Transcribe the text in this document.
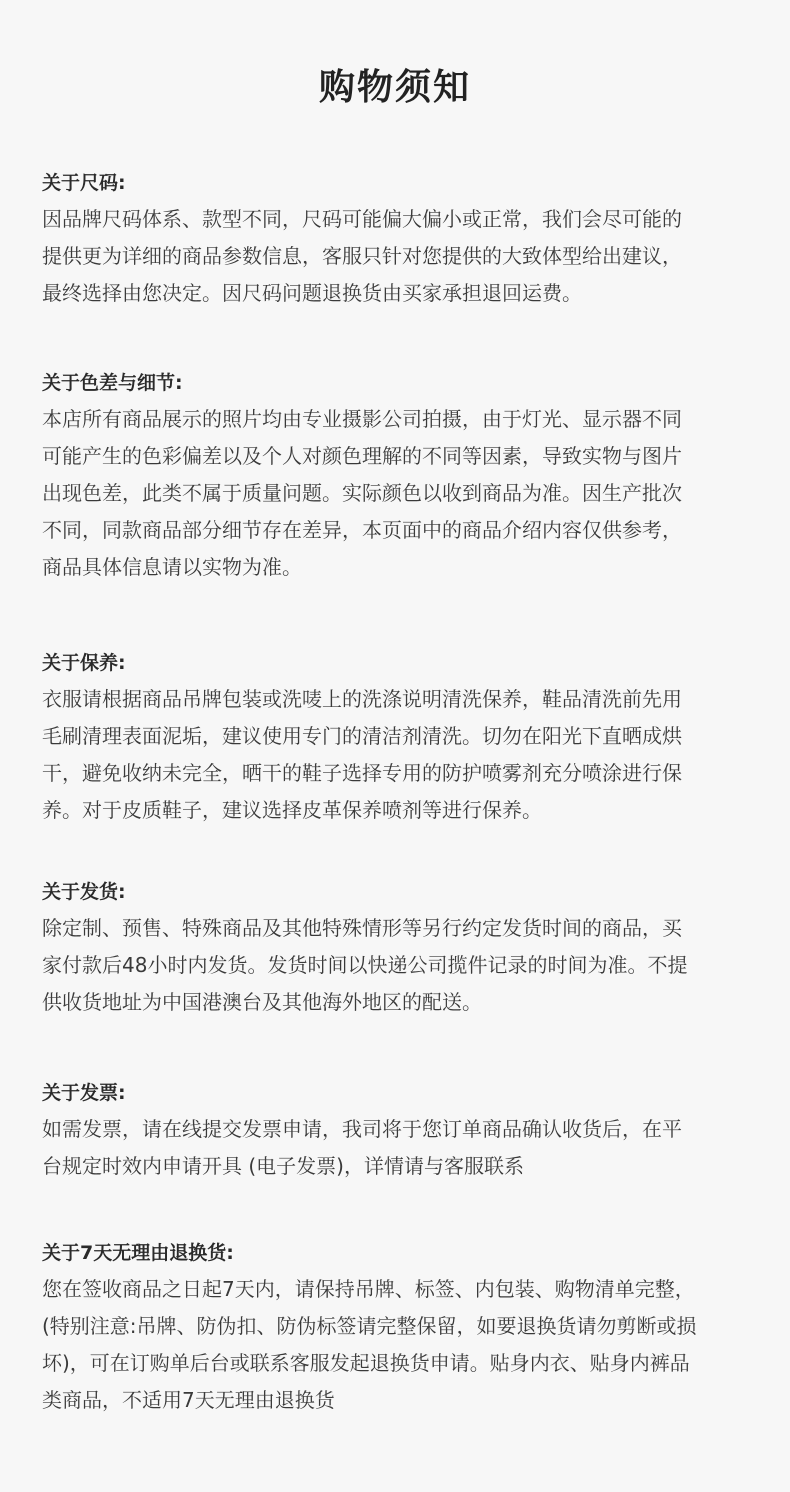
购物须知
关于尺码:
因品牌尺码体系、款型不同，尺码可能偏大偏小或正常，我们会尽可能的
提供更为详细的商品参数信息，客服只针对您提供的大致体型给出建议，
最终选择由您决定。因尺码问题退换货由买家承担退回运费。
关于色差与细节:
本店所有商品展示的照片均由专业摄影公司拍摄，由于灯光、显示器不同
可能产生的色彩偏差以及个人对颜色理解的不同等因素，导致实物与图片
出现色差，此类不属于质量问题。实际颜色以收到商品为准。因生产批次
不同，同款商品部分细节存在差异，本页面中的商品介绍内容仅供参考，
商品具体信息请以实物为准。
关于保养:
衣服请根据商品吊牌包装或洗唛上的洗涤说明清洗保养，鞋品清洗前先用
毛刷清理表面泥垢，建议使用专门的清洁剂清洗。切勿在阳光下直晒成烘
干，避免收纳未完全，晒干的鞋子选择专用的防护喷雾剂充分喷涂进行保
养。对于皮质鞋子，建议选择皮革保养喷剂等进行保养。
关于发货:
除定制、预售、特殊商品及其他特殊情形等另行约定发货时间的商品，买
家付款后48小时内发货。发货时间以快递公司揽件记录的时间为准。不提
供收货地址为中国港澳台及其他海外地区的配送。
关于发票:
如需发票，请在线提交发票申请，我司将于您订单商品确认收货后，在平
台规定时效内申请开具 (电子发票)，详情请与客服联系
关于7天无理由退换货:
您在签收商品之日起7天内，请保持吊牌、标签、内包装、购物清单完整，
(特别注意:吊牌、防伪扣、防伪标签请完整保留，如要退换货请勿剪断或损
坏)，可在订购单后台或联系客服发起退换货申请。贴身内衣、贴身内裤品
类商品，不适用7天无理由退换货
